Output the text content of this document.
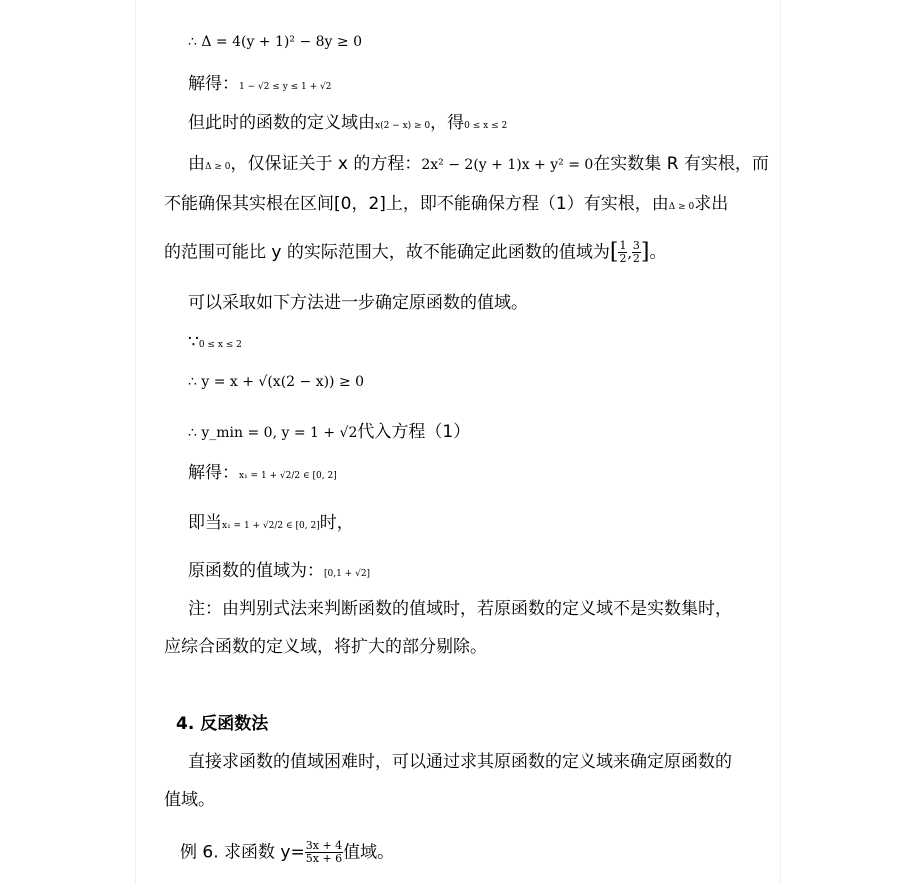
∴ Δ = 4(y + 1)² − 8y ≥ 0
解得：1 − √2 ≤ y ≤ 1 + √2
但此时的函数的定义域由x(2 − x) ≥ 0，得0 ≤ x ≤ 2
由Δ ≥ 0，仅保证关于 x 的方程：2x² − 2(y + 1)x + y² = 0在实数集 R 有实根，而
不能确保其实根在区间[0，2]上，即不能确保方程（1）有实根，由Δ ≥ 0求出
的范围可能比 y 的实际范围大，故不能确定此函数的值域为[ $\frac{1}{2}$ , $\frac{3}{2}$ ]。
可以采取如下方法进一步确定原函数的值域。
∵0 ≤ x ≤ 2
∴ y = x + √(x(2 − x)) ≥ 0
∴ y_min = 0, y = 1 + √2代入方程（1）
解得：x₁ = 1 + √2/2 ∈ [0, 2]
即当x₁ = 1 + √2/2 ∈ [0, 2]时，
原函数的值域为：[0,1 + √2]
注：由判别式法来判断函数的值域时，若原函数的定义域不是实数集时，
应综合函数的定义域，将扩大的部分剔除。
4. 反函数法
直接求函数的值域困难时，可以通过求其原函数的定义域来确定原函数的
值域。
例 6. 求函数 $y= \frac{3x + 4}{5x + 6}$ 值域。
